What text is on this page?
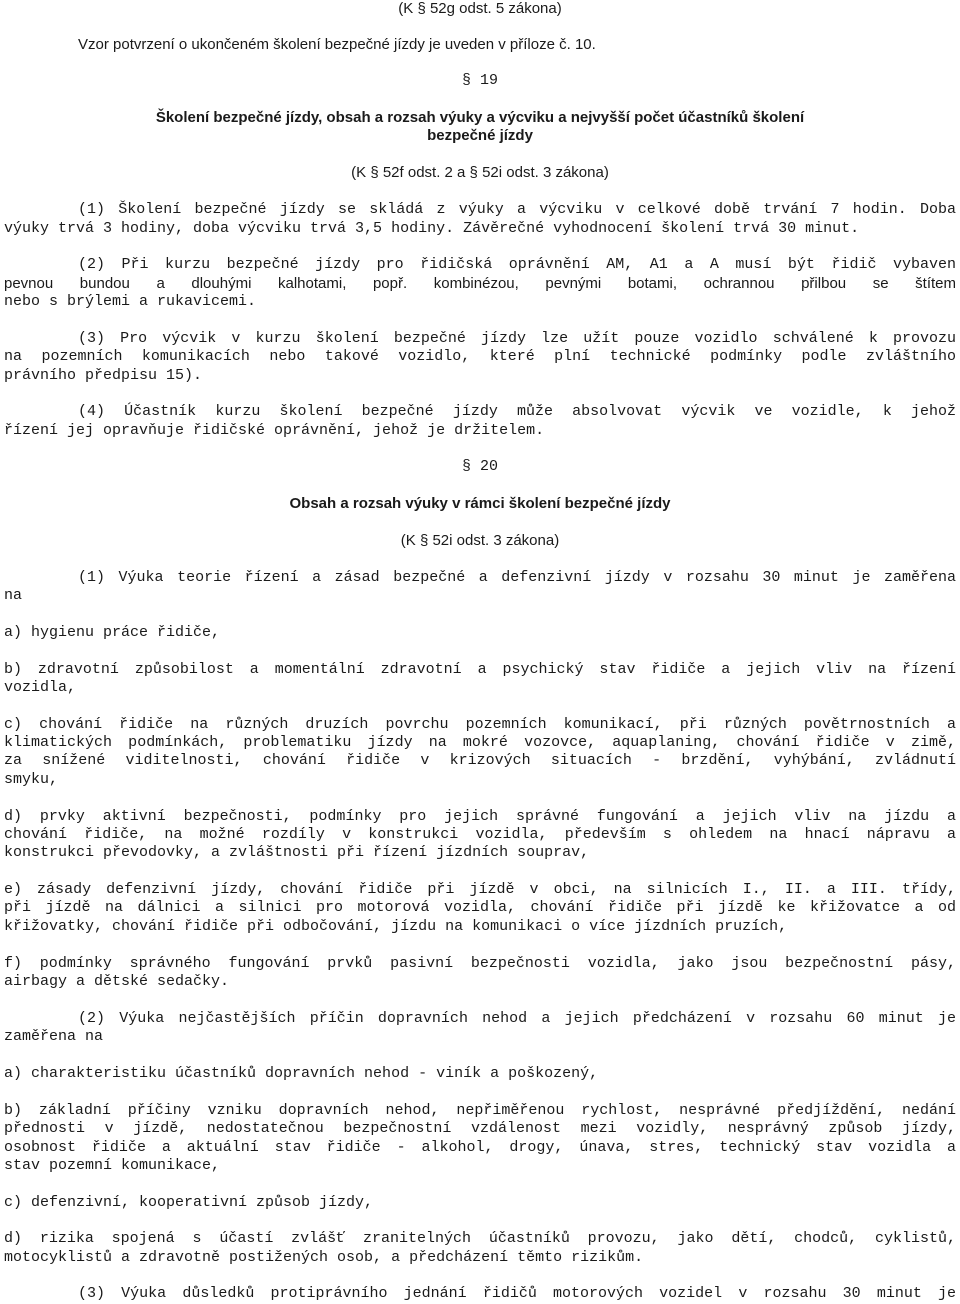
(K § 52g odst. 5 zákona)

Vzor potvrzení o ukončeném školení bezpečné jízdy je uveden v příloze č. 10.

§ 19

Školení bezpečné jízdy, obsah a rozsah výuky a výcviku a nejvyšší počet účastníků školení

bezpečné jízdy

(K § 52f odst. 2 a § 52i odst. 3 zákona)

(1) Školení bezpečné jízdy se skládá z výuky a výcviku v celkové době trvání 7 hodin. Doba

výuky trvá 3 hodiny, doba výcviku trvá 3,5 hodiny. Závěrečné vyhodnocení školení trvá 30 minut.

(2) Při kurzu bezpečné jízdy pro řidičská oprávnění AM, A1 a A musí být řidič vybaven

pevnou bundou a dlouhými kalhotami, popř. kombinézou, pevnými botami, ochrannou přilbou se štítem

nebo s brýlemi a rukavicemi.

(3) Pro výcvik v kurzu školení bezpečné jízdy lze užít pouze vozidlo schválené k provozu

na pozemních komunikacích nebo takové vozidlo, které plní technické podmínky podle zvláštního

právního předpisu 15).

(4) Účastník kurzu školení bezpečné jízdy může absolvovat výcvik ve vozidle, k jehož

řízení jej opravňuje řidičské oprávnění, jehož je držitelem.

§ 20

Obsah a rozsah výuky v rámci školení bezpečné jízdy

(K § 52i odst. 3 zákona)

(1) Výuka teorie řízení a zásad bezpečné a defenzivní jízdy v rozsahu 30 minut je zaměřena

na

a) hygienu práce řidiče,

b) zdravotní způsobilost a momentální zdravotní a psychický stav řidiče a jejich vliv na řízení

vozidla,

c) chování řidiče na různých druzích povrchu pozemních komunikací, při různých povětrnostních a

klimatických podmínkách, problematiku jízdy na mokré vozovce, aquaplaning, chování řidiče v zimě,

za snížené viditelnosti, chování řidiče v krizových situacích - brzdění, vyhýbání, zvládnutí

smyku,

d) prvky aktivní bezpečnosti, podmínky pro jejich správné fungování a jejich vliv na jízdu a

chování řidiče, na možné rozdíly v konstrukci vozidla, především s ohledem na hnací nápravu a

konstrukci převodovky, a zvláštnosti při řízení jízdních souprav,

e) zásady defenzivní jízdy, chování řidiče při jízdě v obci, na silnicích I., II. a III. třídy,

při jízdě na dálnici a silnici pro motorová vozidla, chování řidiče při jízdě ke křižovatce a od

křižovatky, chování řidiče při odbočování, jízdu na komunikaci o více jízdních pruzích,

f) podmínky správného fungování prvků pasivní bezpečnosti vozidla, jako jsou bezpečnostní pásy,

airbagy a dětské sedačky.

(2) Výuka nejčastějších příčin dopravních nehod a jejich předcházení v rozsahu 60 minut je

zaměřena na

a) charakteristiku účastníků dopravních nehod - viník a poškozený,

b) základní příčiny vzniku dopravních nehod, nepřiměřenou rychlost, nesprávné předjíždění, nedání

přednosti v jízdě, nedostatečnou bezpečnostní vzdálenost mezi vozidly, nesprávný způsob jízdy,

osobnost řidiče a aktuální stav řidiče - alkohol, drogy, únava, stres, technický stav vozidla a

stav pozemní komunikace,

c) defenzivní, kooperativní způsob jízdy,

d) rizika spojená s účastí zvlášť zranitelných účastníků provozu, jako dětí, chodců, cyklistů,

motocyklistů a zdravotně postižených osob, a předcházení těmto rizikům.

(3) Výuka důsledků protiprávního jednání řidičů motorových vozidel v rozsahu 30 minut je
